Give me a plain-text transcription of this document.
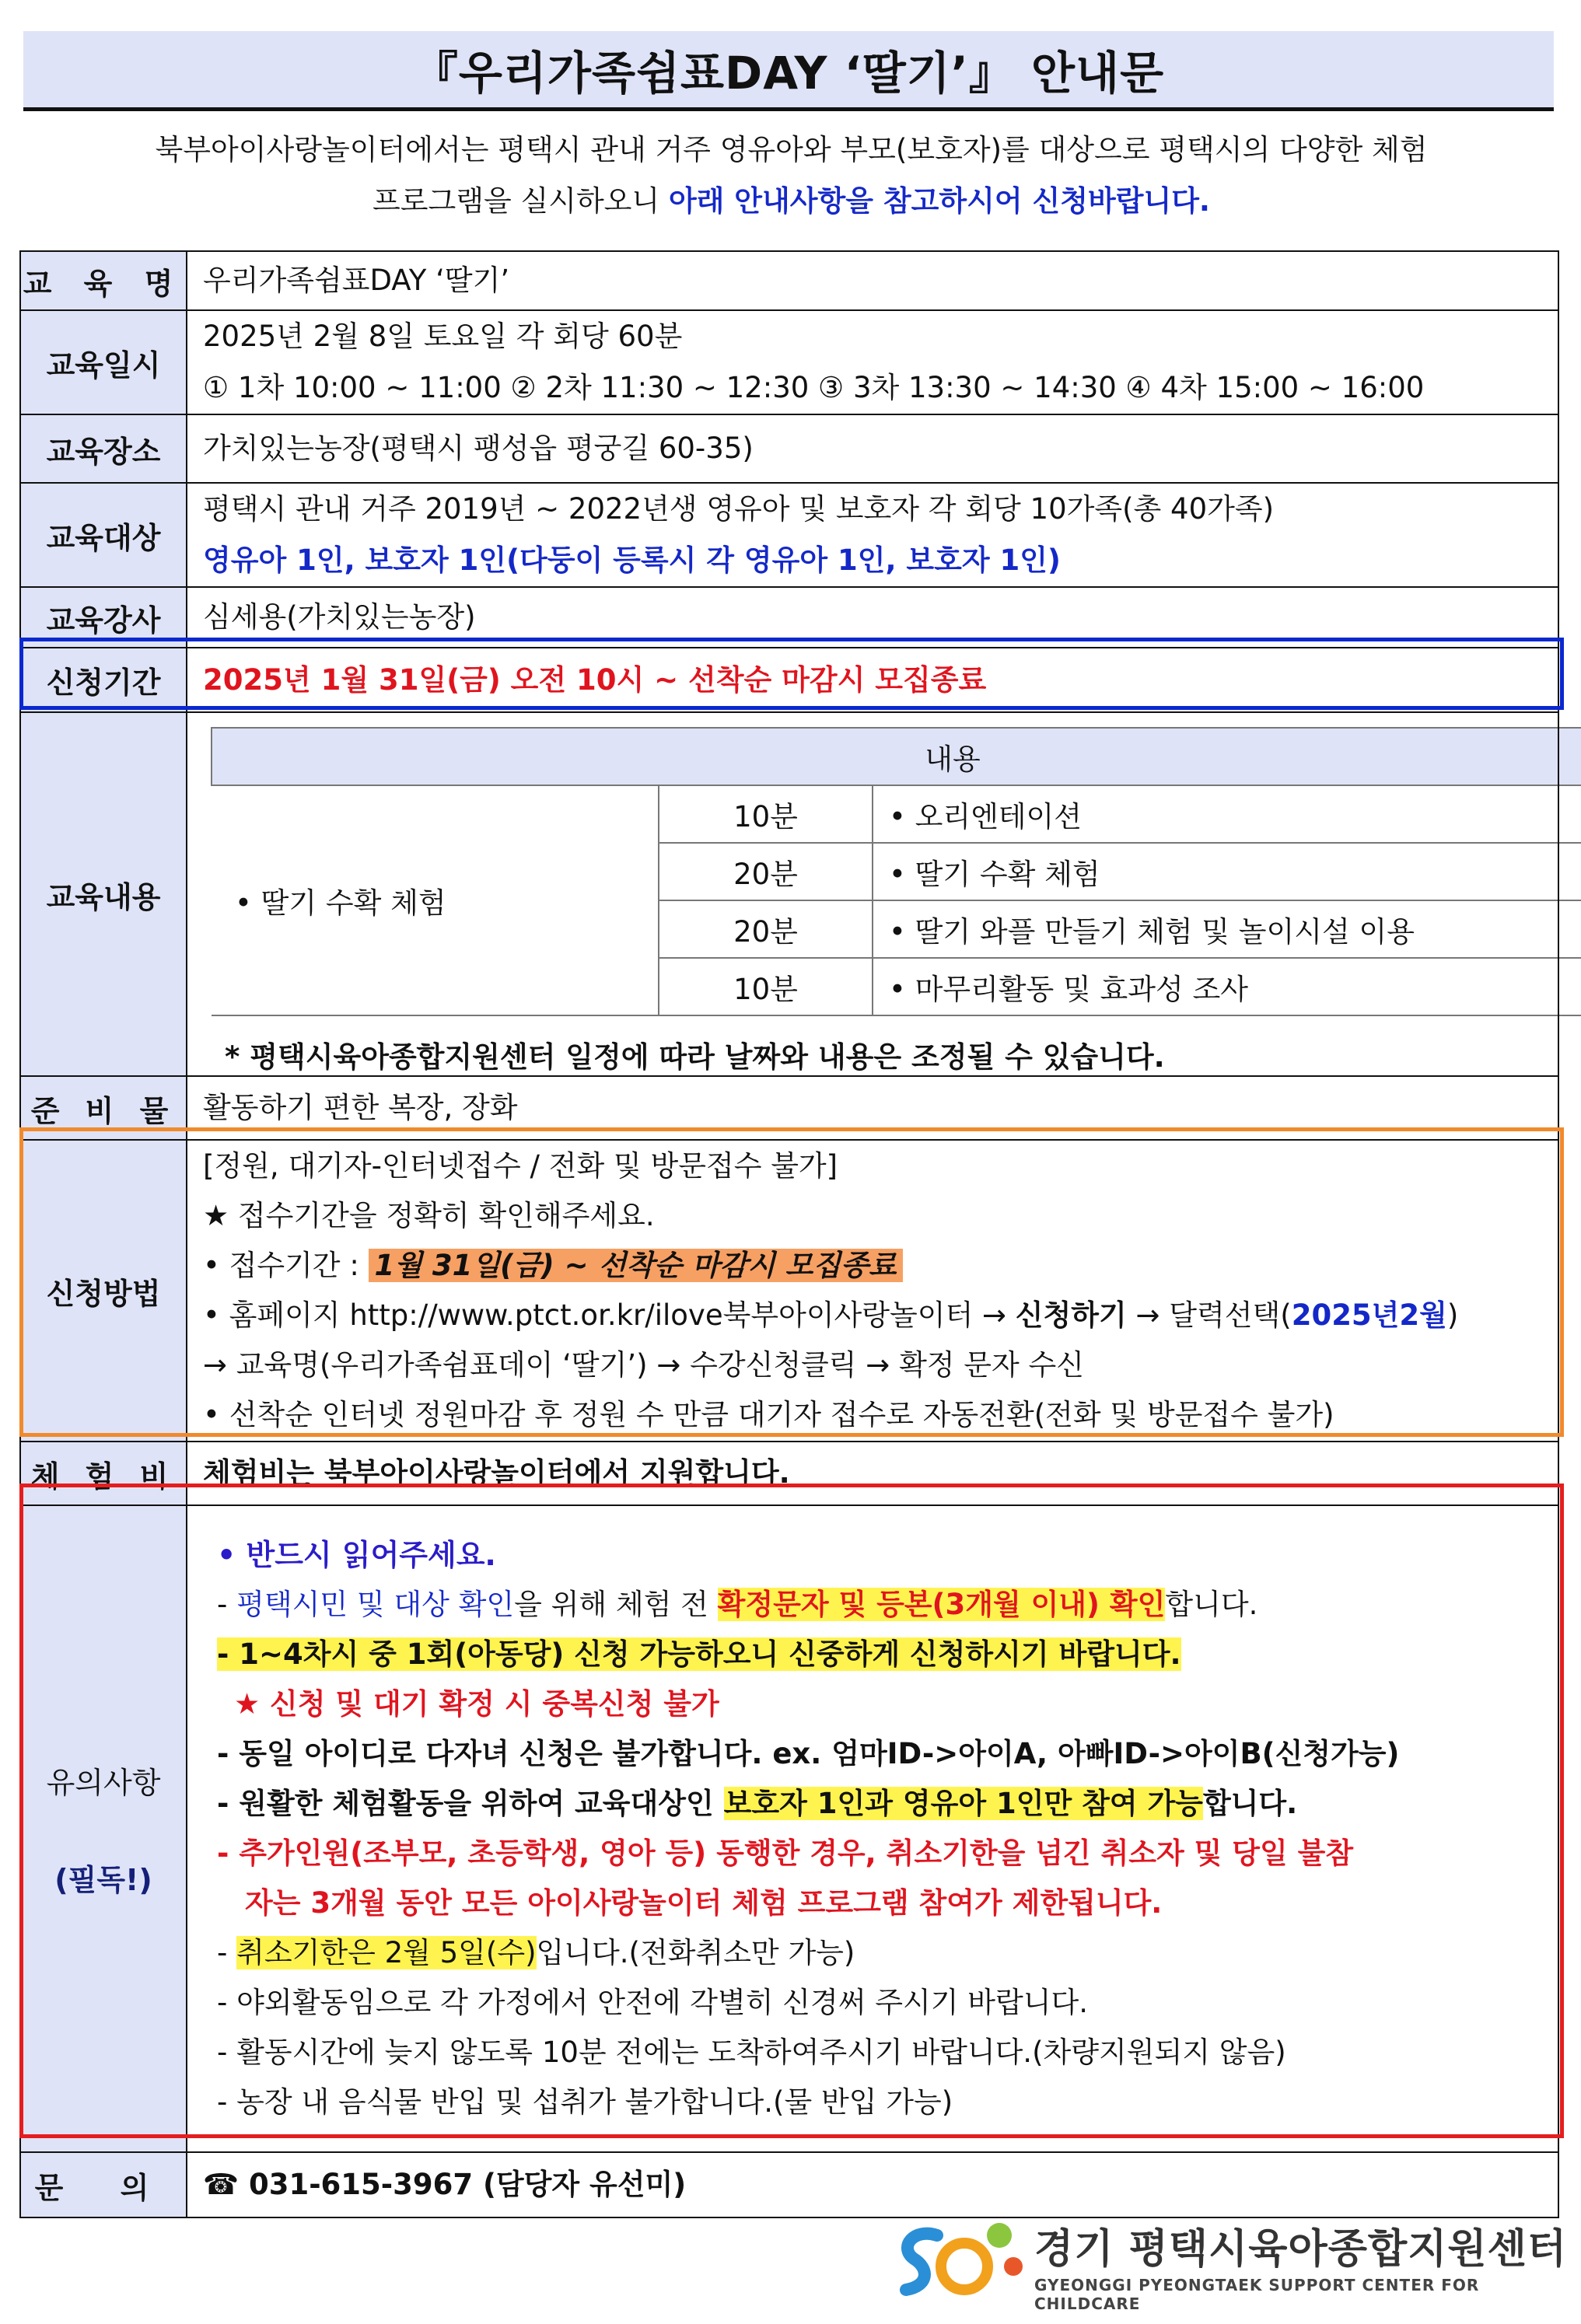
『우리가족쉼표DAY ‘딸기’』 안내문
북부아이사랑놀이터에서는 평택시 관내 거주 영유아와 부모(보호자)를 대상으로 평택시의 다양한 체험
프로그램을 실시하오니 아래 안내사항을 참고하시어 신청바랍니다.
교 육 명	우리가족쉼표DAY ‘딸기’
교육일시	
2025년 2월 8일 토요일 각 회당 60분
① 1차 10:00 ~ 11:00 ② 2차 11:30 ~ 12:30 ③ 3차 13:30 ~ 14:30 ④ 4차 15:00 ~ 16:00

교육장소	가치있는농장(평택시 팽성읍 평궁길 60-35)
교육대상	
평택시 관내 거주 2019년 ~ 2022년생 영유아 및 보호자 각 회당 10가족(총 40가족)
영유아 1인, 보호자 1인(다둥이 등록시 각 영유아 1인, 보호자 1인)

교육강사	심세용(가치있는농장)
신청기간	2025년 1월 31일(금) 오전 10시 ~ 선착순 마감시 모집종료
교육내용	
내용
• 딸기 수확 체험	10분	• 오리엔테이션
20분	• 딸기 수확 체험
20분	• 딸기 와플 만들기 체험 및 놀이시설 이용
10분	• 마무리활동 및 효과성 조사
* 평택시육아종합지원센터 일정에 따라 날짜와 내용은 조정될 수 있습니다.

준 비 물	활동하기 편한 복장, 장화
신청방법	
[정원, 대기자-인터넷접수 / 전화 및 방문접수 불가]
★ 접수기간을 정확히 확인해주세요.
• 접수기간 : 1월 31일(금) ~ 선착순 마감시 모집종료
• 홈페이지 http://www.ptct.or.kr/ilove북부아이사랑놀이터 → 신청하기 → 달력선택(2025년2월)
→ 교육명(우리가족쉼표데이 ‘딸기’) → 수강신청클릭 → 확정 문자 수신
• 선착순 인터넷 정원마감 후 정원 수 만큼 대기자 접수로 자동전환(전화 및 방문접수 불가)

체 험 비	체험비는 북부아이사랑놀이터에서 지원합니다.

유의사항
(필독!)

• 반드시 읽어주세요.
- 평택시민 및 대상 확인을 위해 체험 전 확정문자 및 등본(3개월 이내) 확인합니다.
- 1~4차시 중 1회(아동당) 신청 가능하오니 신중하게 신청하시기 바랍니다.
★ 신청 및 대기 확정 시 중복신청 불가
- 동일 아이디로 다자녀 신청은 불가합니다. ex. 엄마ID->아이A, 아빠ID->아이B(신청가능)
- 원활한 체험활동을 위하여 교육대상인 보호자 1인과 영유아 1인만 참여 가능합니다.
- 추가인원(조부모, 초등학생, 영아 등) 동행한 경우, 취소기한을 넘긴 취소자 및 당일 불참
자는 3개월 동안 모든 아이사랑놀이터 체험 프로그램 참여가 제한됩니다.
- 취소기한은 2월 5일(수)입니다.(전화취소만 가능)
- 야외활동임으로 각 가정에서 안전에 각별히 신경써 주시기 바랍니다.
- 활동시간에 늦지 않도록 10분 전에는 도착하여주시기 바랍니다.(차량지원되지 않음)
- 농장 내 음식물 반입 및 섭취가 불가합니다.(물 반입 가능)

문 의	☎ 031-615-3967 (담당자 유선미)
경기 평택시육아종합지원센터
GYEONGGI PYEONGTAEK SUPPORT CENTER FOR CHILDCARE
